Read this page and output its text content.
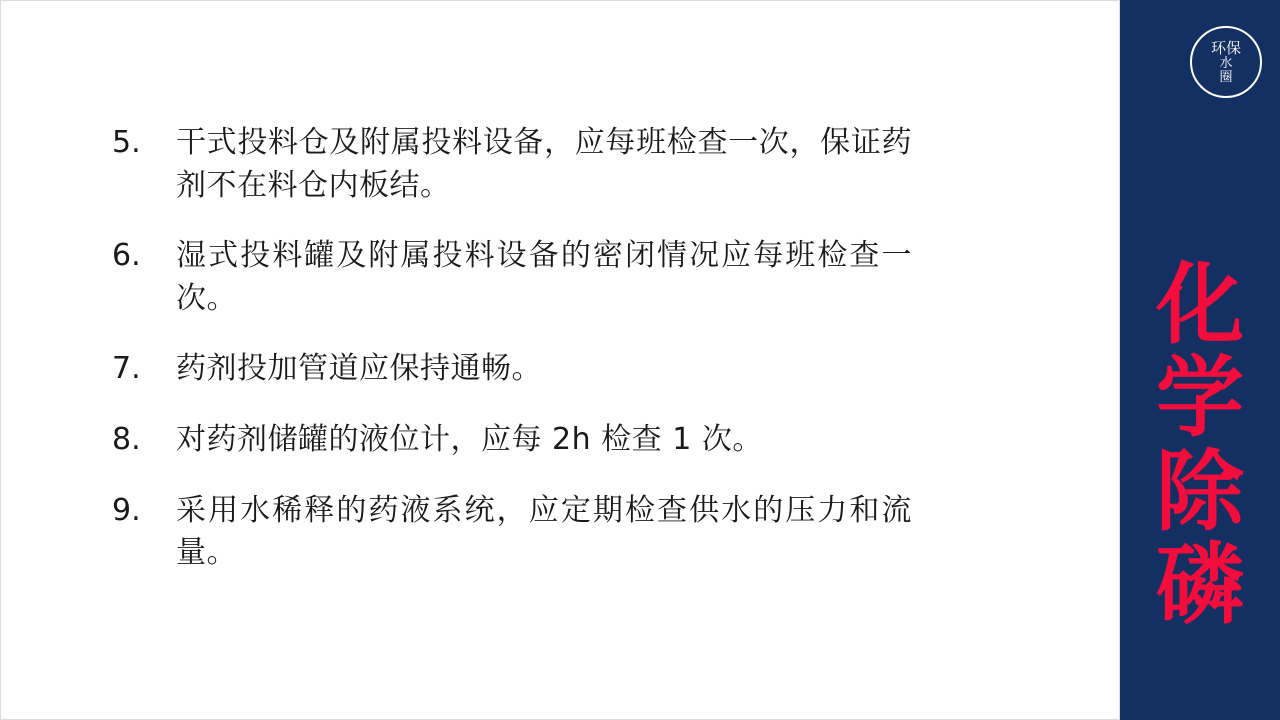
5.	干式投料仓及附属投料设备，应每班检查一次，保证药剂不在料仓内板结。
6.	湿式投料罐及附属投料设备的密闭情况应每班检查一次。
7.	药剂投加管道应保持通畅。
8.	对药剂储罐的液位计，应每 2h 检查 1 次。
9.	采用水稀释的药液系统，应定期检查供水的压力和流量。
环保
水
圈
化
学
除
磷
